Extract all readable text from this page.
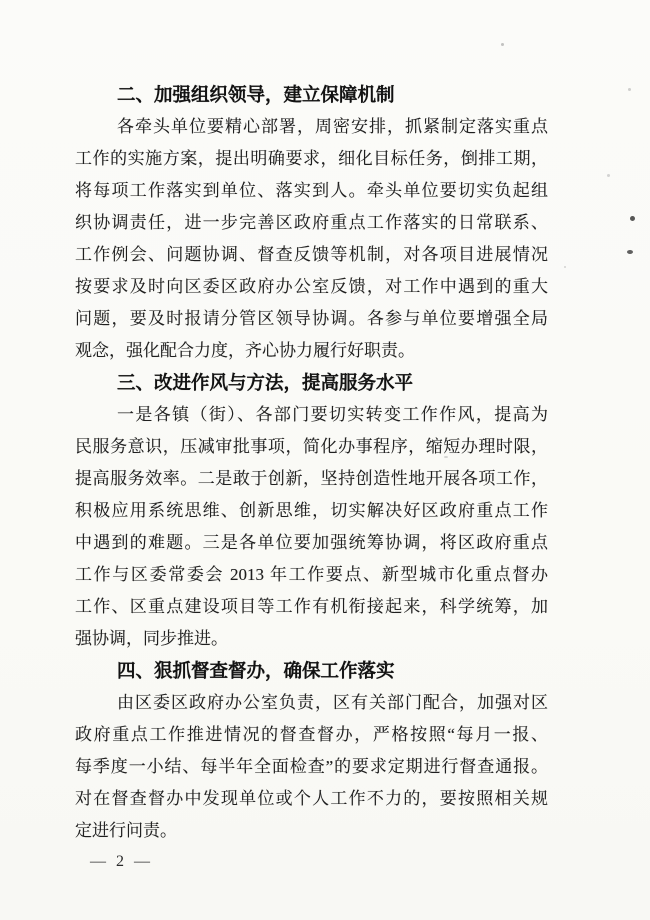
二、加强组织领导，建立保障机制
各牵头单位要精心部署，周密安排，抓紧制定落实重点
工作的实施方案，提出明确要求，细化目标任务，倒排工期，
将每项工作落实到单位、落实到人。牵头单位要切实负起组
织协调责任，进一步完善区政府重点工作落实的日常联系、
工作例会、问题协调、督查反馈等机制，对各项目进展情况
按要求及时向区委区政府办公室反馈，对工作中遇到的重大
问题，要及时报请分管区领导协调。各参与单位要增强全局
观念，强化配合力度，齐心协力履行好职责。
三、改进作风与方法，提高服务水平
一是各镇（街）、各部门要切实转变工作作风，提高为
民服务意识，压减审批事项，简化办事程序，缩短办理时限，
提高服务效率。二是敢于创新，坚持创造性地开展各项工作，
积极应用系统思维、创新思维，切实解决好区政府重点工作
中遇到的难题。三是各单位要加强统筹协调，将区政府重点
工作与区委常委会 2013 年工作要点、新型城市化重点督办
工作、区重点建设项目等工作有机衔接起来，科学统筹，加
强协调，同步推进。
四、狠抓督查督办，确保工作落实
由区委区政府办公室负责，区有关部门配合，加强对区
政府重点工作推进情况的督查督办，严格按照“每月一报、
每季度一小结、每半年全面检查”的要求定期进行督查通报。
对在督查督办中发现单位或个人工作不力的，要按照相关规
定进行问责。
— 2 —
